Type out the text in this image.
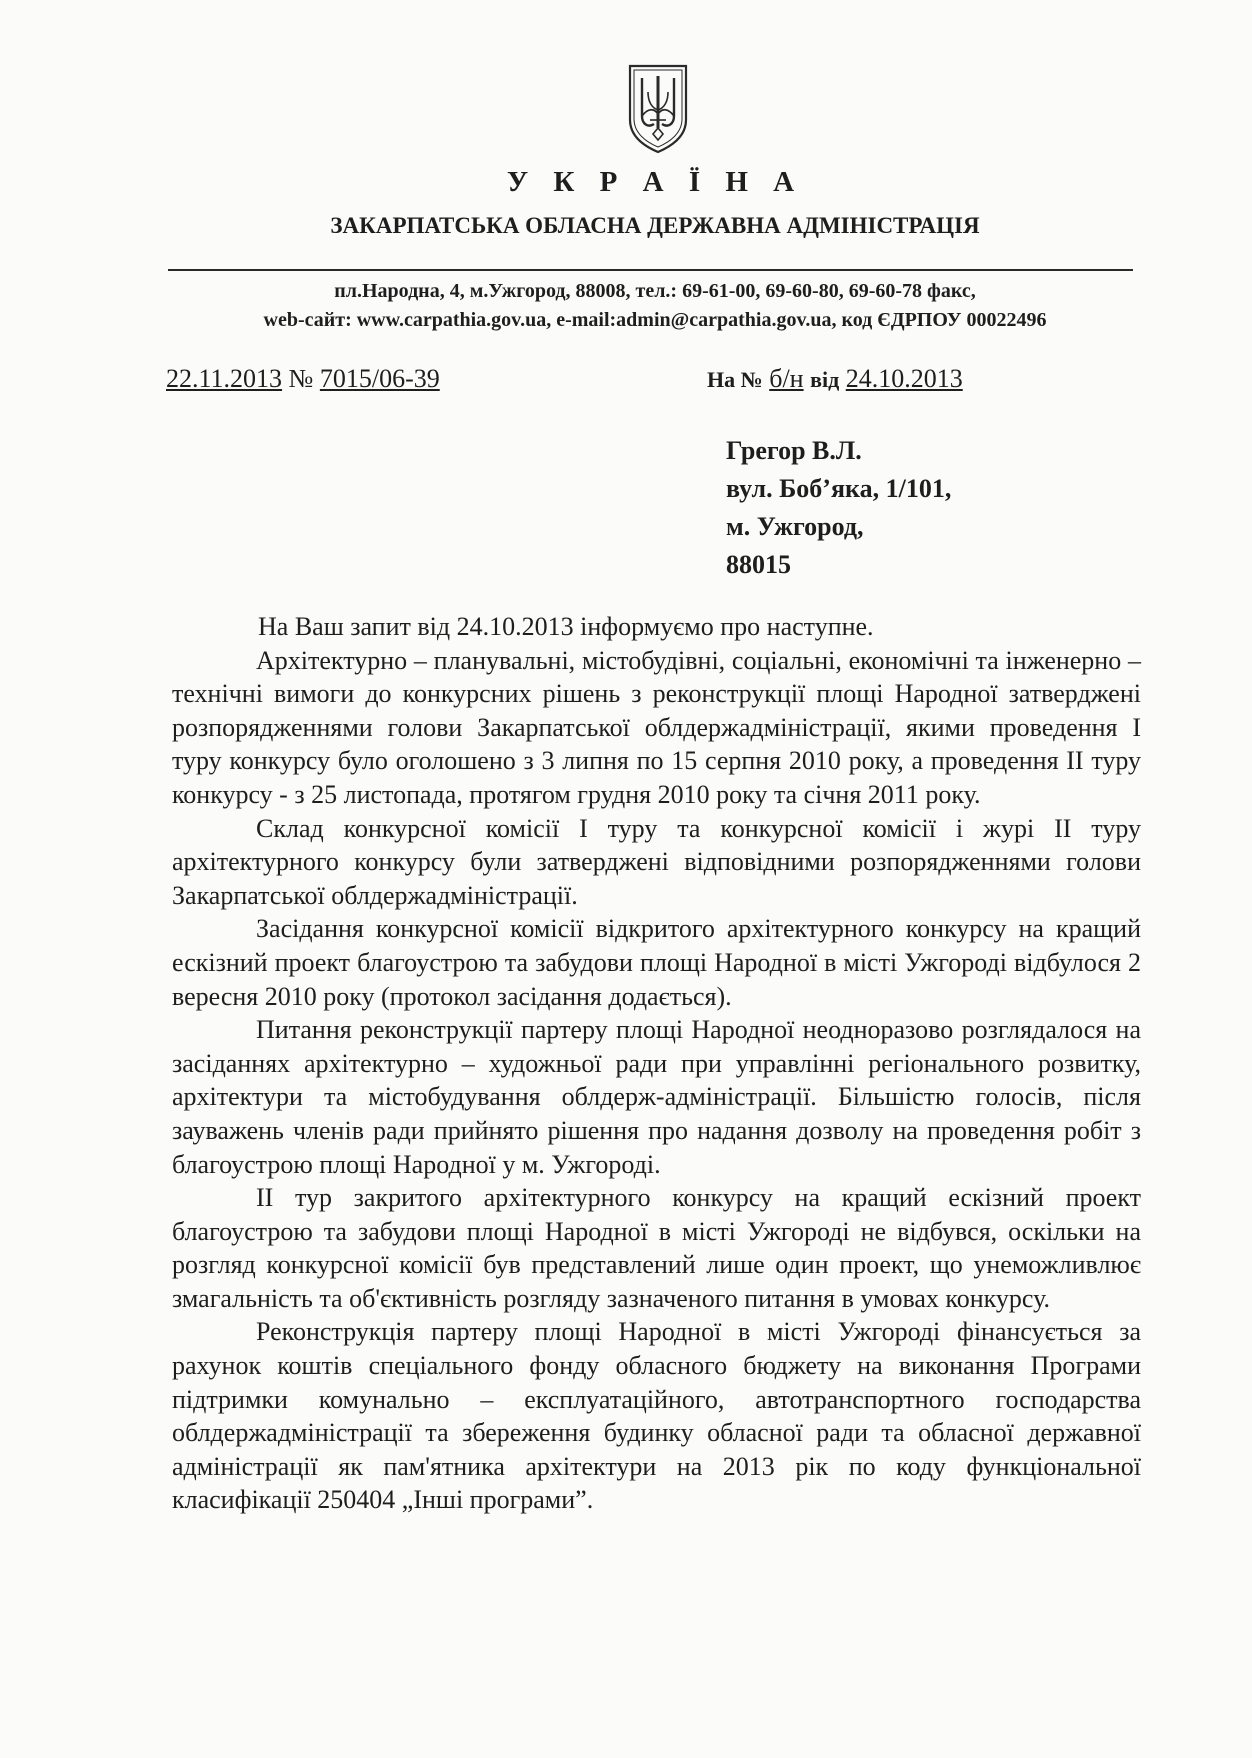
У К Р А Ї Н А
ЗАКАРПАТСЬКА ОБЛАСНА ДЕРЖАВНА АДМІНІСТРАЦІЯ
пл.Народна, 4, м.Ужгород, 88008, тел.: 69-61-00, 69-60-80, 69-60-78 факс,
web-сайт: www.carpathia.gov.ua, e-mail:admin@carpathia.gov.ua, код ЄДРПОУ 00022496
22.11.2013 № 7015/06-39	На № б/н від 24.10.2013
Грегор В.Л.
вул. Боб’яка, 1/101,
м. Ужгород,
88015

На Ваш запит від 24.10.2013 інформуємо про наступне.

Архітектурно – планувальні, містобудівні, соціальні, економічні та інженерно – технічні вимоги до конкурсних рішень з реконструкції площі Народної затверджені розпорядженнями голови Закарпатської облдержадміністрації, якими проведення І туру конкурсу було оголошено з 3 липня по 15 серпня 2010 року, а проведення ІІ туру конкурсу - з 25 листопада, протягом грудня 2010 року та січня 2011 року.

Склад конкурсної комісії І туру та конкурсної комісії і журі ІІ туру архітектурного конкурсу були затверджені відповідними розпорядженнями голови Закарпатської облдержадміністрації.

Засідання конкурсної комісії відкритого архітектурного конкурсу на кращий ескізний проект благоустрою та забудови площі Народної в місті Ужгороді відбулося 2 вересня 2010 року (протокол засідання додається).

Питання реконструкції партеру площі Народної неодноразово розглядалося на засіданнях архітектурно – художньої ради при управлінні регіонального розвитку, архітектури та містобудування облдерж-адміністрації. Більшістю голосів, після зауважень членів ради прийнято рішення про надання дозволу на проведення робіт з благоустрою площі Народної у м. Ужгороді.

ІІ тур закритого архітектурного конкурсу на кращий ескізний проект благоустрою та забудови площі Народної в місті Ужгороді не відбувся, оскільки на розгляд конкурсної комісії був представлений лише один проект, що унеможливлює змагальність та об'єктивність розгляду зазначеного питання в умовах конкурсу.

Реконструкція партеру площі Народної в місті Ужгороді фінансується за рахунок коштів спеціального фонду обласного бюджету на виконання Програми підтримки комунально – експлуатаційного, автотранспортного господарства облдержадміністрації та збереження будинку обласної ради та обласної державної адміністрації як пам'ятника архітектури на 2013 рік по коду функціональної класифікації 250404 „Інші програми”.
